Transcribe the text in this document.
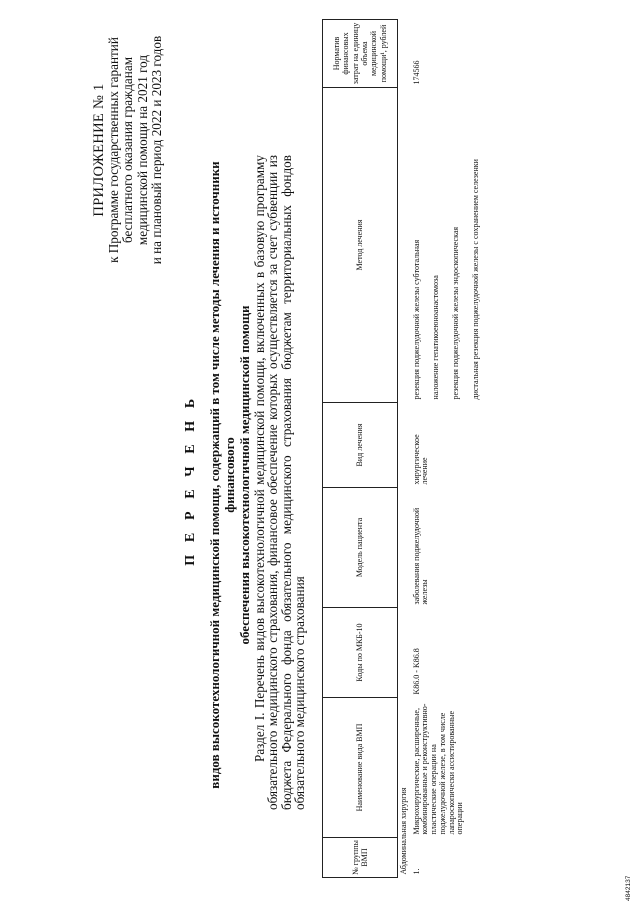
ПРИЛОЖЕНИЕ № 1
к Программе государственных гарантий бесплатного оказания гражданам медицинской помощи на 2021 год и на плановый период 2022 и 2023 годов
П Е Р Е Ч Е Н Ь видов высокотехнологичной медицинской помощи, содержащий в том числе методы лечения и источники финансового обеспечения высокотехнологичной медицинской помощи Раздел I. Перечень видов высокотехнологичной медицинской помощи, включенных в базовую программу обязательного медицинского страхования, финансовое обеспечение которых осуществляется за счет субвенции из бюджета Федерального фонда обязательного медицинского страхования бюджетам территориальных фондов обязательного медицинского страхования
№ группы ВМП	Наименование вида ВМП	Коды по МКБ-10	Модель пациента	Вид лечения	Метод лечения	Норматив финансовых затрат на единицу объема медицинской помощи¹, рублей
Абдоминальная хирургия						
1.	Микрохирургические, расширенные, комбинированные и реконструктивно-пластические операции на поджелудочной железе, в том числе лапароскопически ассистированные операции	K86.0 - K86.8	заболевания поджелудочной железы	хирургическое лечение	резекция поджелудочной железы субтотальная наложение гепатикоеюноанастомоза резекция поджелудочной железы эндоскопическая дистальная резекция поджелудочной железы с сохранением селезенки	174566
4842137
